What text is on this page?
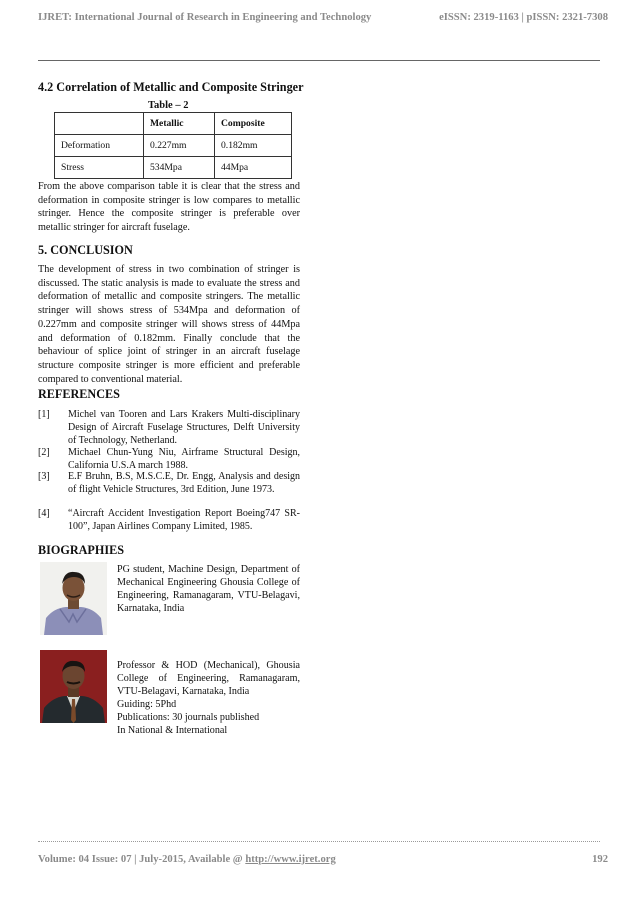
IJRET: International Journal of Research in Engineering and Technology	eISSN: 2319-1163 | pISSN: 2321-7308
4.2 Correlation of Metallic and Composite Stringer
Table – 2
	Metallic	Composite
Deformation	0.227mm	0.182mm
Stress	534Mpa	44Mpa

From the above comparison table it is clear that the stress and deformation in composite stringer is low compares to metallic stringer. Hence the composite stringer is preferable over metallic stringer for aircraft fuselage.

5. CONCLUSION

The development of stress in two combination of stringer is discussed. The static analysis is made to evaluate the stress and deformation of metallic and composite stringers. The metallic stringer will shows stress of 534Mpa and deformation of 0.227mm and composite stringer will shows stress of 44Mpa and deformation of 0.182mm. Finally conclude that the behaviour of splice joint of stringer in an aircraft fuselage structure composite stringer is more efficient and preferable compared to conventional material.

REFERENCES
[1] Michel van Tooren and Lars Krakers Multi-disciplinary Design of Aircraft Fuselage Structures, Delft University of Technology, Netherland.
[2] Michael Chun-Yung Niu, Airframe Structural Design, California U.S.A march 1988.
[3] E.F Bruhn, B.S, M.S.C.E, Dr. Engg, Analysis and design of flight Vehicle Structures, 3rd Edition, June 1973.
[4] “Aircraft Accident Investigation Report Boeing747 SR-100”, Japan Airlines Company Limited, 1985.
BIOGRAPHIES

PG student, Machine Design, Department of Mechanical Engineering Ghousia College of Engineering, Ramanagaram, VTU-Belagavi, Karnataka, India

Professor & HOD (Mechanical), Ghousia College of Engineering, Ramanagaram, VTU-Belagavi, Karnataka, India

Guiding: 5Phd

Publications: 30 journals published

In National & International

Volume: 04 Issue: 07 | July-2015, Available @ http://www.ijret.org	192
